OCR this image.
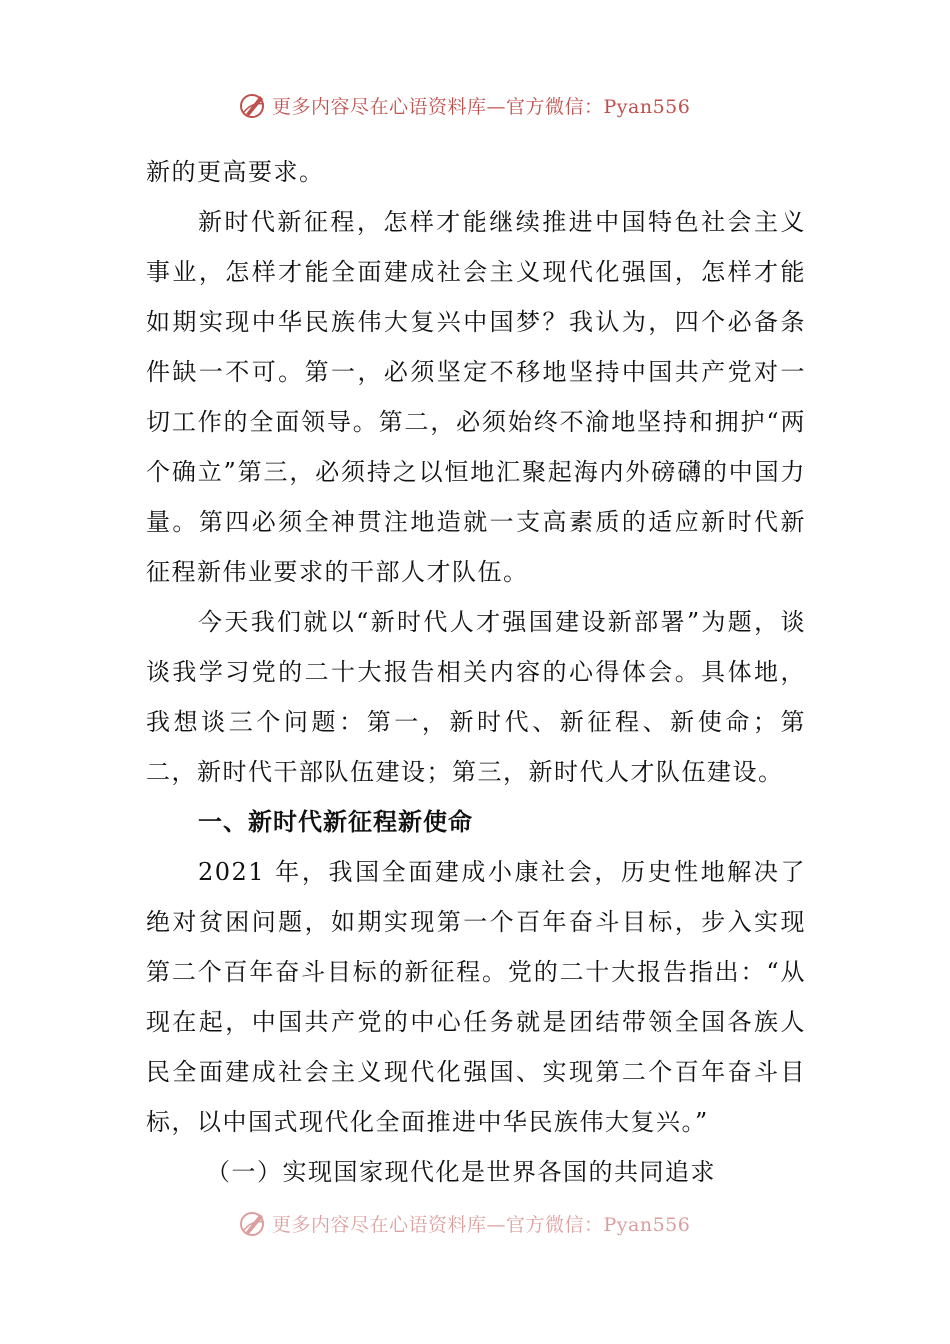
更多内容尽在心语资料库—官方微信：Pyan556

新的更高要求。

新时代新征程，怎样才能继续推进中国特色社会主义事业，怎样才能全面建成社会主义现代化强国，怎样才能如期实现中华民族伟大复兴中国梦？我认为，四个必备条件缺一不可。第一，必须坚定不移地坚持中国共产党对一切工作的全面领导。第二，必须始终不渝地坚持和拥护“两个确立”第三，必须持之以恒地汇聚起海内外磅礴的中国力量。第四必须全神贯注地造就一支高素质的适应新时代新征程新伟业要求的干部人才队伍。

今天我们就以“新时代人才强国建设新部署”为题，谈谈我学习党的二十大报告相关内容的心得体会。具体地，我想谈三个问题：第一，新时代、新征程、新使命；第二，新时代干部队伍建设；第三，新时代人才队伍建设。

一、新时代新征程新使命

2021 年，我国全面建成小康社会，历史性地解决了绝对贫困问题，如期实现第一个百年奋斗目标，步入实现第二个百年奋斗目标的新征程。党的二十大报告指出：“从现在起，中国共产党的中心任务就是团结带领全国各族人民全面建成社会主义现代化强国、实现第二个百年奋斗目标，以中国式现代化全面推进中华民族伟大复兴。”

（一）实现国家现代化是世界各国的共同追求
更多内容尽在心语资料库—官方微信：Pyan556
